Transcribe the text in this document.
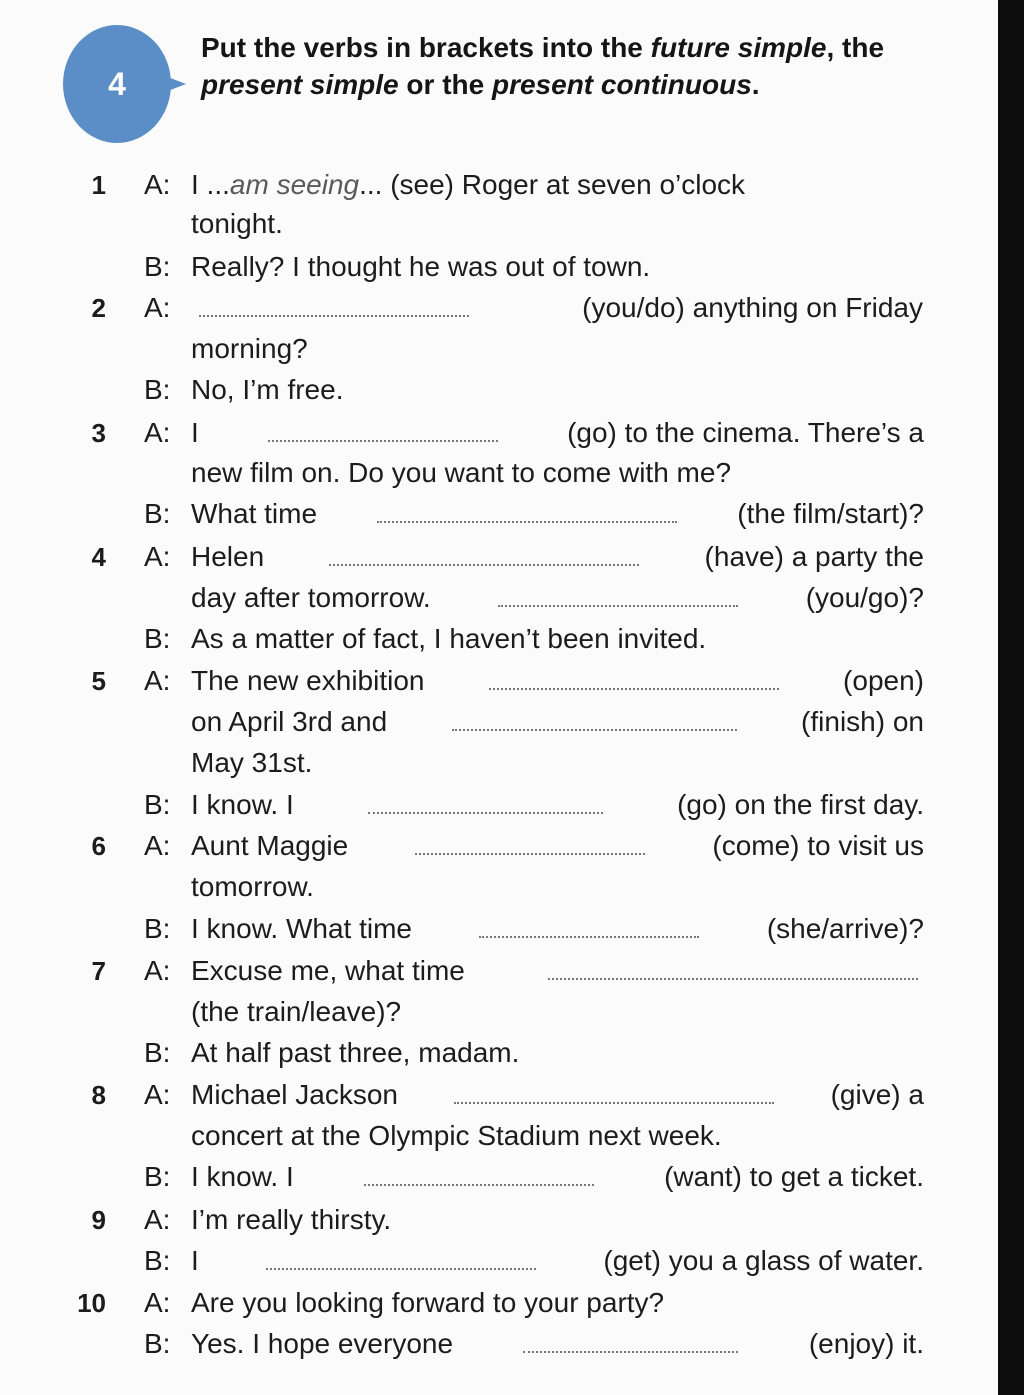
4
Put the verbs in brackets into the future simple, the present simple or the present continuous.
1 A: I ...am seeing... (see) Roger at seven o’clock
tonight.
B: Really? I thought he was out of town.
2 A:	(you/do) anything on Friday
morning?
B: No, I’m free.
3 A: I	(go) to the cinema. There’s a
new film on. Do you want to come with me?
B: What time	(the film/start)?
4 A: Helen	(have) a party the
day after tomorrow.	(you/go)?
B: As a matter of fact, I haven’t been invited.
5 A: The new exhibition	(open)
on April 3rd and	(finish) on
May 31st.
B: I know. I	(go) on the first day.
6 A: Aunt Maggie	(come) to visit us
tomorrow.
B: I know. What time	(she/arrive)?
7 A: Excuse me, what time
(the train/leave)?
B: At half past three, madam.
8 A: Michael Jackson	(give) a
concert at the Olympic Stadium next week.
B: I know. I	(want) to get a ticket.
9 A: I’m really thirsty.
B: I	(get) you a glass of water.
10 A: Are you looking forward to your party?
B: Yes. I hope everyone	(enjoy) it.
